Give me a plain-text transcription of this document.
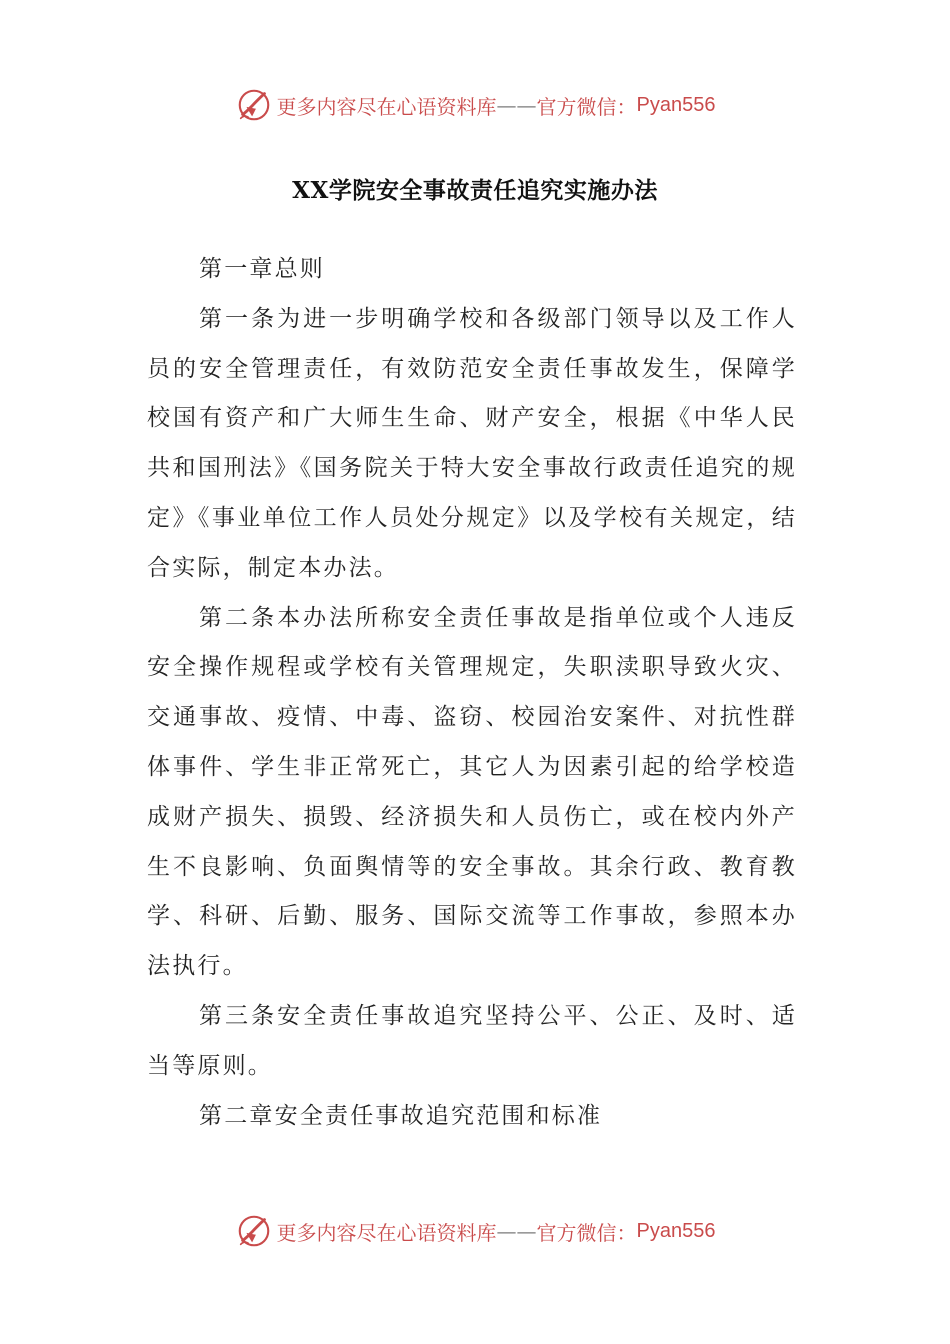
更多内容尽在心语资料库 —— 官方微信： Pyan556
XX学院安全事故责任追究实施办法

第一章总则

第一条为进一步明确学校和各级部门领导以及工作人员的安全管理责任，有效防范安全责任事故发生，保障学校国有资产和广大师生生命、财产安全，根据《中华人民共和国刑法》《国务院关于特大安全事故行政责任追究的规定》《事业单位工作人员处分规定》以及学校有关规定，结合实际，制定本办法。

第二条本办法所称安全责任事故是指单位或个人违反安全操作规程或学校有关管理规定，失职渎职导致火灾、交通事故、疫情、中毒、盗窃、校园治安案件、对抗性群体事件、学生非正常死亡，其它人为因素引起的给学校造成财产损失、损毁、经济损失和人员伤亡，或在校内外产生不良影响、负面舆情等的安全事故。其余行政、教育教学、科研、后勤、服务、国际交流等工作事故，参照本办法执行。

第三条安全责任事故追究坚持公平、公正、及时、适当等原则。

第二章安全责任事故追究范围和标准

更多内容尽在心语资料库 —— 官方微信： Pyan556
